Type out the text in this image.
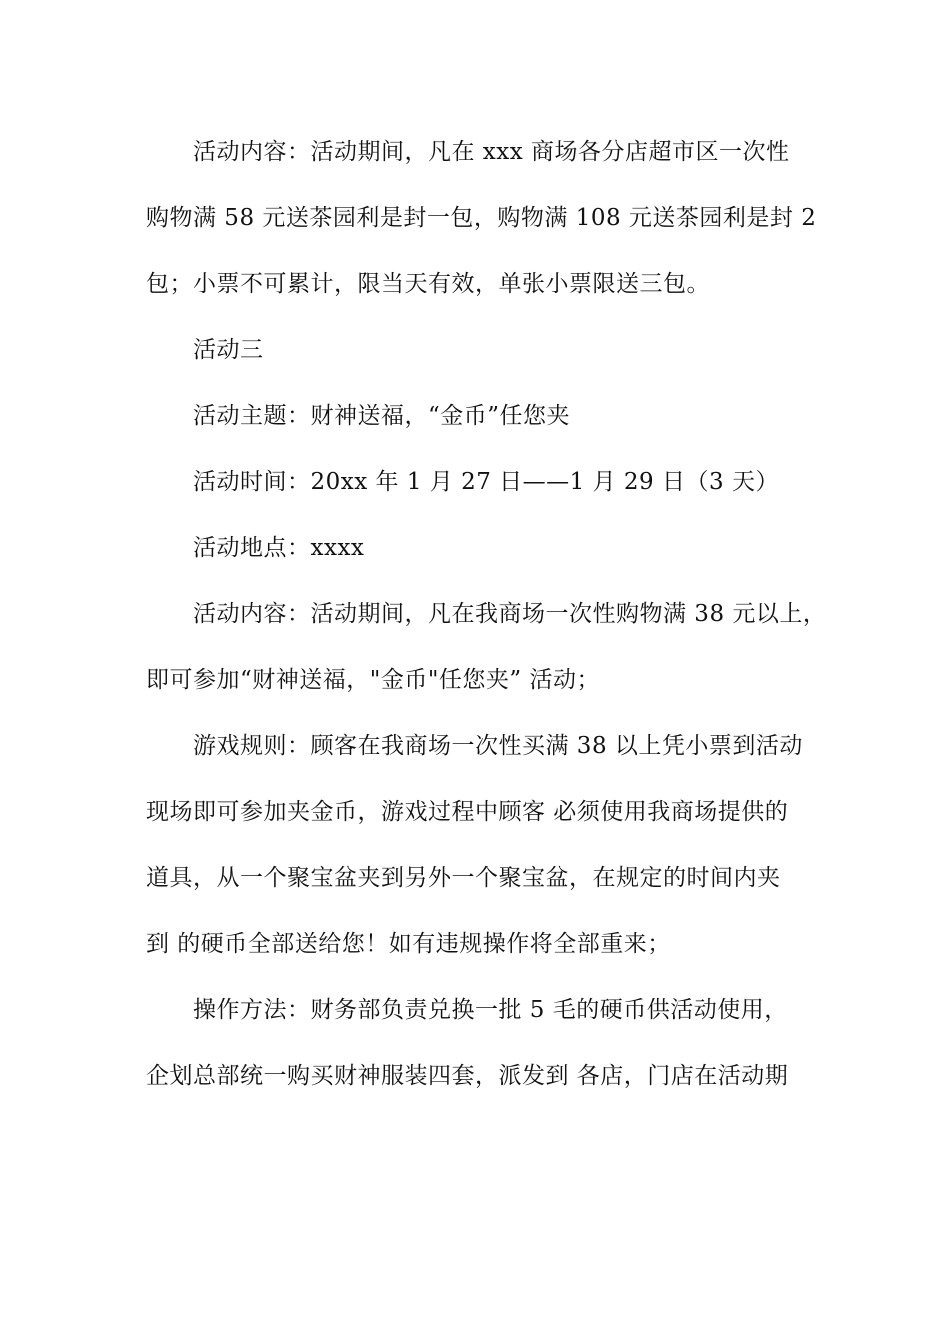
活动内容：活动期间，凡在 xxx 商场各分店超市区一次性

购物满 58 元送茶园利是封一包，购物满 108 元送茶园利是封 2

包；小票不可累计，限当天有效，单张小票限送三包。

活动三

活动主题：财神送福，“金币”任您夹

活动时间：20xx 年 1 月 27 日——1 月 29 日（3 天）

活动地点：xxxx

活动内容：活动期间，凡在我商场一次性购物满 38 元以上，

即可参加“财神送福，"金币"任您夹” 活动；

游戏规则：顾客在我商场一次性买满 38 以上凭小票到活动

现场即可参加夹金币，游戏过程中顾客 必须使用我商场提供的

道具，从一个聚宝盆夹到另外一个聚宝盆，在规定的时间内夹

到 的硬币全部送给您！如有违规操作将全部重来；

操作方法：财务部负责兑换一批 5 毛的硬币供活动使用，

企划总部统一购买财神服装四套，派发到 各店，门店在活动期
